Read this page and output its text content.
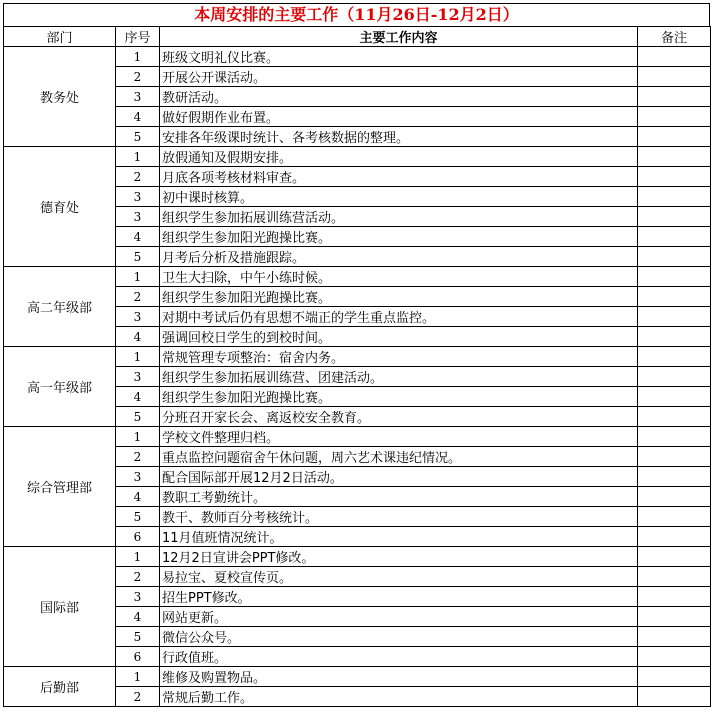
本周安排的主要工作（11月26日-12月2日）
部门	序号	主要工作内容	备注
教务处	1	班级文明礼仪比赛。	
	2	开展公开课活动。	
	3	教研活动。	
	4	做好假期作业布置。	
	5	安排各年级课时统计、各考核数据的整理。	
德育处	1	放假通知及假期安排。	
	2	月底各项考核材料审查。	
	3	初中课时核算。	
	3	组织学生参加拓展训练营活动。	
	4	组织学生参加阳光跑操比赛。	
	5	月考后分析及措施跟踪。	
高二年级部	1	卫生大扫除，中午小练时候。	
	2	组织学生参加阳光跑操比赛。	
	3	对期中考试后仍有思想不端正的学生重点监控。	
	4	强调回校日学生的到校时间。	
高一年级部	1	常规管理专项整治：宿舍内务。	
	3	组织学生参加拓展训练营、团建活动。	
	4	组织学生参加阳光跑操比赛。	
	5	分班召开家长会、离返校安全教育。	
综合管理部	1	学校文件整理归档。	
	2	重点监控问题宿舍午休问题，周六艺术课违纪情况。	
	3	配合国际部开展12月2日活动。	
	4	教职工考勤统计。	
	5	教干、教师百分考核统计。	
	6	11月值班情况统计。	
国际部	1	12月2日宣讲会PPT修改。	
	2	易拉宝、夏校宣传页。	
	3	招生PPT修改。	
	4	网站更新。	
	5	微信公众号。	
	6	行政值班。	
后勤部	1	维修及购置物品。	
	2	常规后勤工作。	
